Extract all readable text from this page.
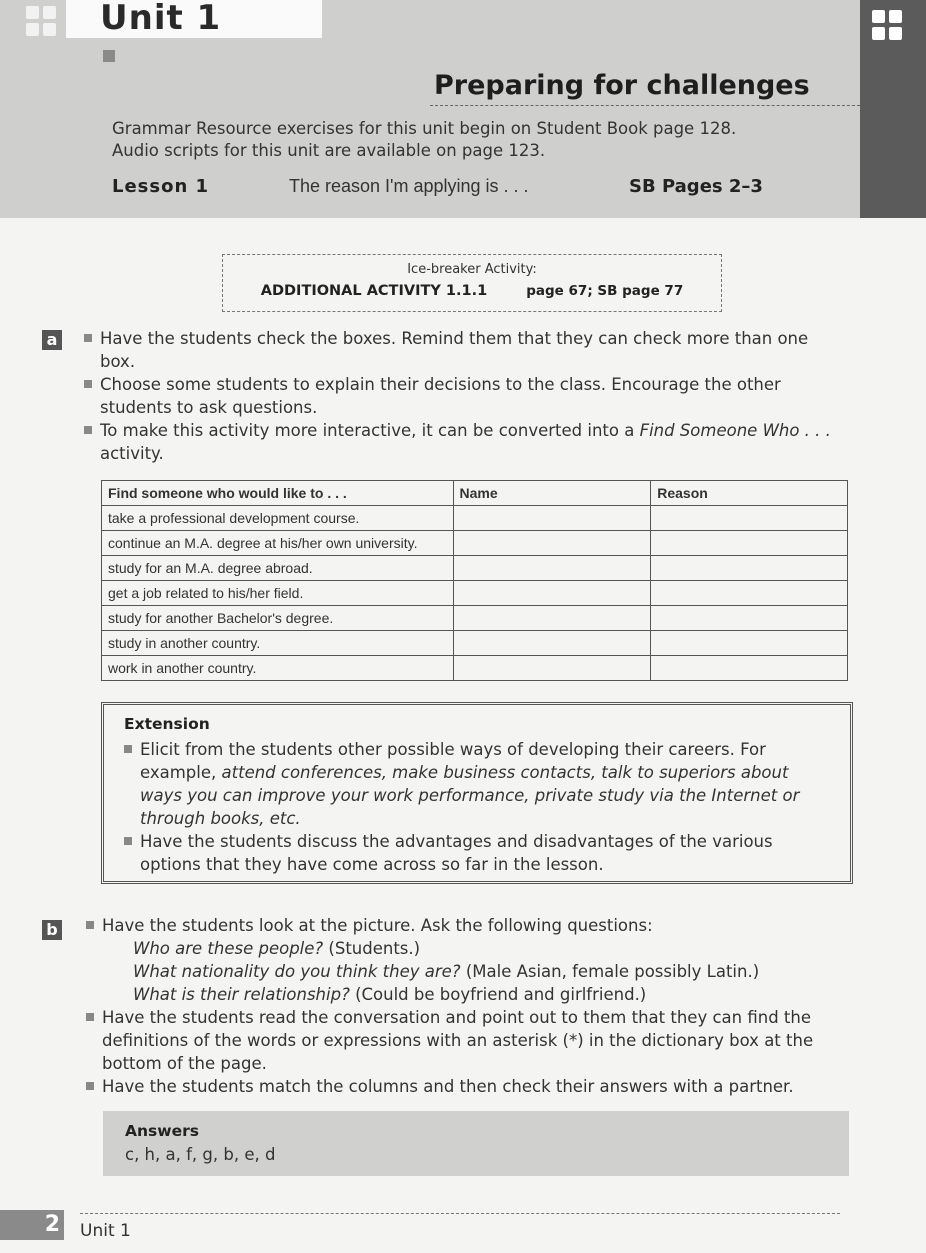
Unit 1
Preparing for challenges
Grammar Resource exercises for this unit begin on Student Book page 128.
Audio scripts for this unit are available on page 123.
Lesson 1	The reason I'm applying is . . .	SB Pages 2–3
Ice-breaker Activity:
ADDITIONAL ACTIVITY 1.1.1	page 67; SB page 77
a	Have the students check the boxes. Remind them that they can check more than one box.
Choose some students to explain their decisions to the class. Encourage the other students to ask questions.
To make this activity more interactive, it can be converted into a Find Someone Who . . . activity.
Find someone who would like to . . .	Name	Reason
take a professional development course.		
continue an M.A. degree at his/her own university.		
study for an M.A. degree abroad.		
get a job related to his/her field.		
study for another Bachelor's degree.		
study in another country.		
work in another country.		
Extension
Elicit from the students other possible ways of developing their careers. For example, attend conferences, make business contacts, talk to superiors about ways you can improve your work performance, private study via the Internet or through books, etc.
Have the students discuss the advantages and disadvantages of the various options that they have come across so far in the lesson.
b	Have the students look at the picture. Ask the following questions:
Who are these people? (Students.)
What nationality do you think they are? (Male Asian, female possibly Latin.)
What is their relationship? (Could be boyfriend and girlfriend.)
Have the students read the conversation and point out to them that they can find the definitions of the words or expressions with an asterisk (*) in the dictionary box at the bottom of the page.
Have the students match the columns and then check their answers with a partner.
Answers
c, h, a, f, g, b, e, d
2 Unit 1
